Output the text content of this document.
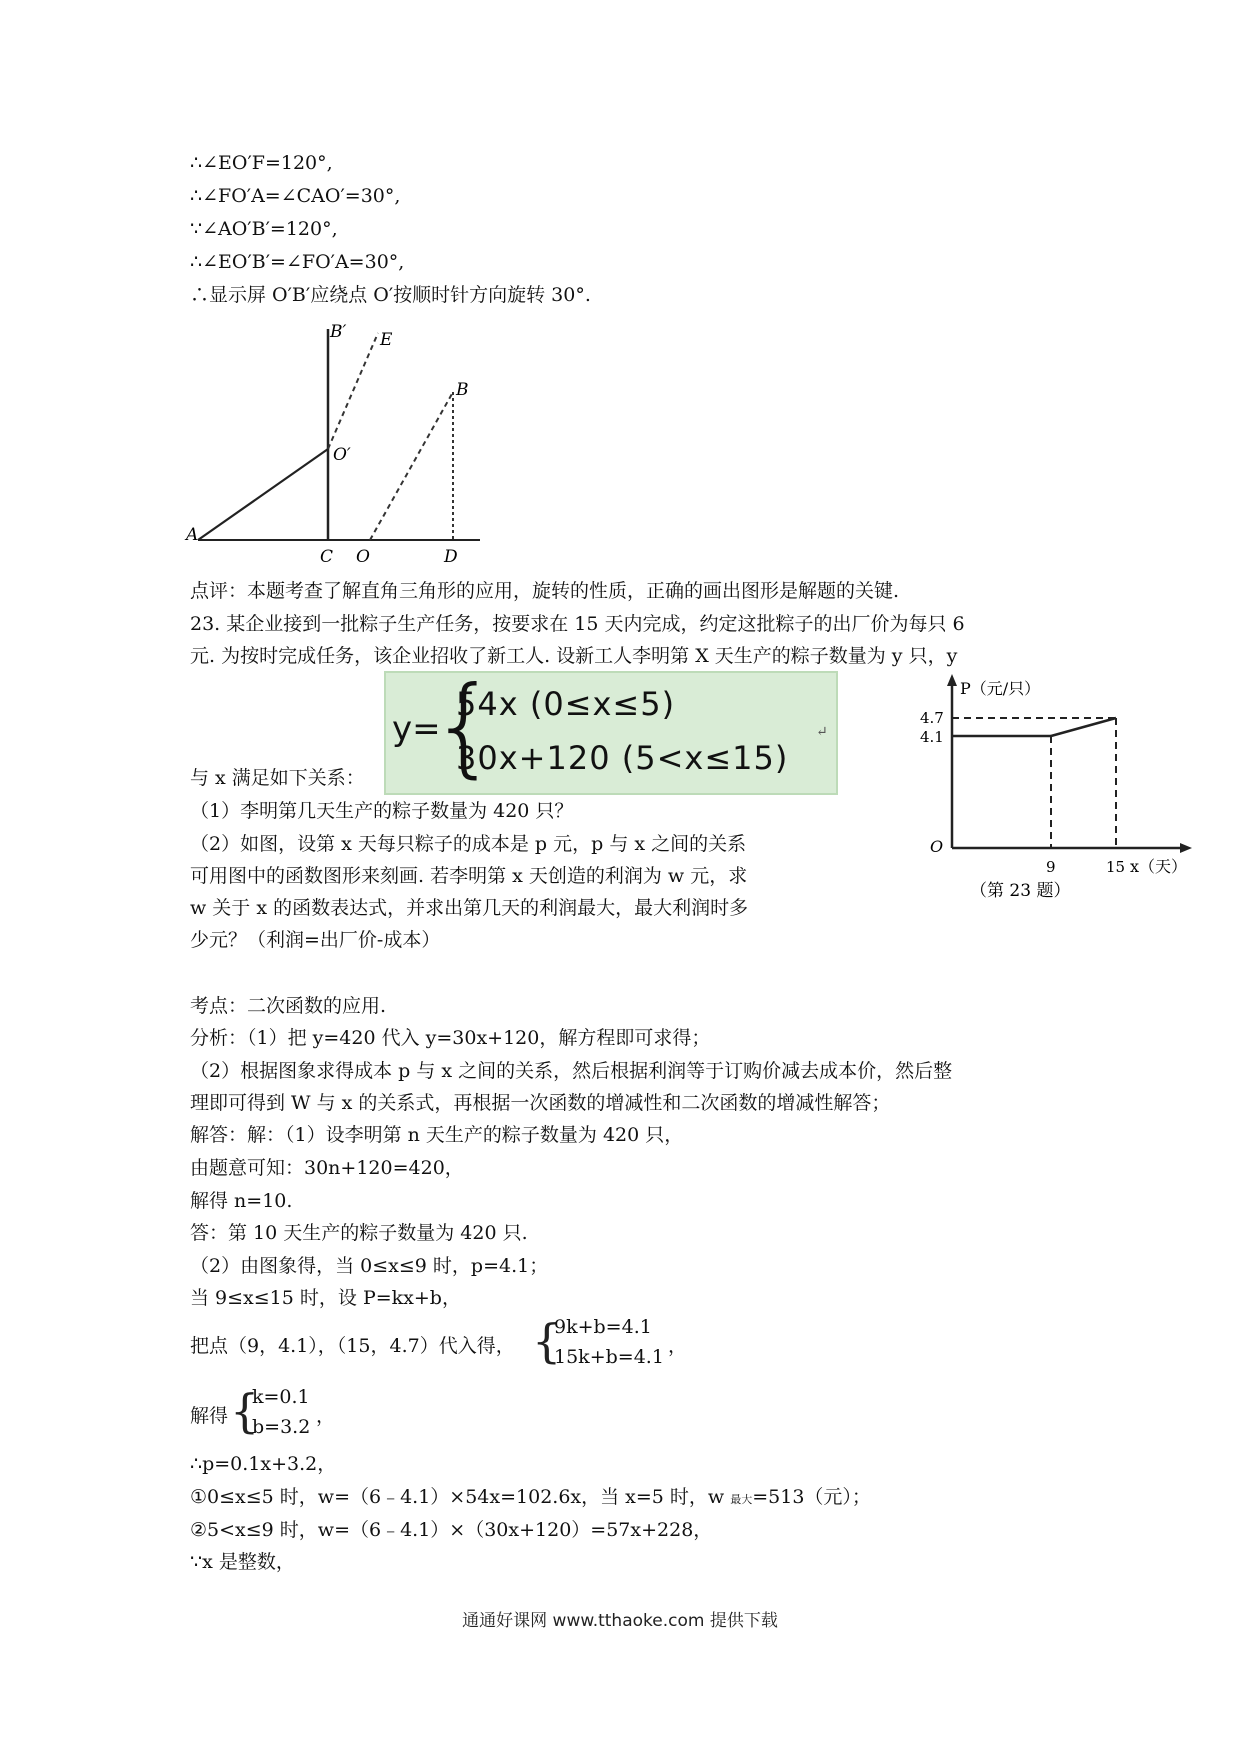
∴∠EO′F=120°,
∴∠FO′A=∠CAO′=30°,
∵∠AO′B′=120°,
∴∠EO′B′=∠FO′A=30°,
∴显示屏 O′B′应绕点 O′按顺时针方向旋转 30°.
B′ E
B
O′
A
C O	D
点评：本题考查了解直角三角形的应用，旋转的性质，正确的画出图形是解题的关键.
23. 某企业接到一批粽子生产任务，按要求在 15 天内完成，约定这批粽子的出厂价为每只 6
元. 为按时完成任务，该企业招收了新工人. 设新工人李明第 X 天生产的粽子数量为 y 只，y
y=
{
54x (0≤x≤5)
30x+120 (5<x≤15)
↵
与 x 满足如下关系：
（1）李明第几天生产的粽子数量为 420 只？
（2）如图，设第 x 天每只粽子的成本是 p 元，p 与 x 之间的关系
可用图中的函数图形来刻画. 若李明第 x 天创造的利润为 w 元，求
w 关于 x 的函数表达式，并求出第几天的利润最大，最大利润时多
少元？（利润=出厂价-成本）
P（元/只）
4.7
4.1
O
9	15 x（天）
（第 23 题）
考点：二次函数的应用.
分析：（1）把 y=420 代入 y=30x+120，解方程即可求得；
（2）根据图象求得成本 p 与 x 之间的关系，然后根据利润等于订购价减去成本价，然后整
理即可得到 W 与 x 的关系式，再根据一次函数的增减性和二次函数的增减性解答；
解答：解：（1）设李明第 n 天生产的粽子数量为 420 只，
由题意可知：30n+120=420，
解得 n=10.
答：第 10 天生产的粽子数量为 420 只.
（2）由图象得，当 0≤x≤9 时，p=4.1；
当 9≤x≤15 时，设 P=kx+b，
把点（9，4.1），（15，4.7）代入得， {
9k+b=4.1
15k+b=4.1 ，
解得 {
k=0.1
b=3.2 ，
∴p=0.1x+3.2，
①0≤x≤5 时，w=（6﹣4.1）×54x=102.6x，当 x=5 时，w 最大=513（元）；
②5<x≤9 时，w=（6﹣4.1）×（30x+120）=57x+228，
∵x 是整数，
通通好课网 www.tthaoke.com 提供下载
